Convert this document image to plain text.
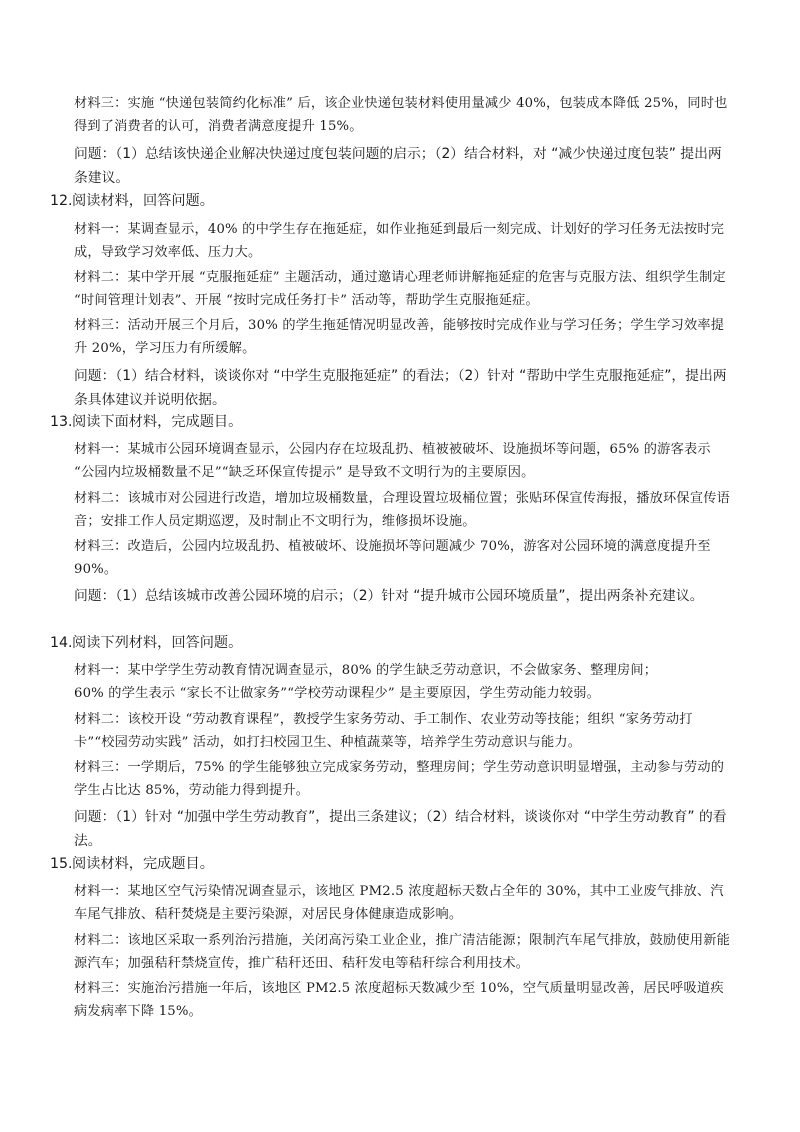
材料三：实施 “快递包装简约化标准” 后，该企业快递包装材料使用量减少 40%，包装成本降低 25%，同时也得到了消费者的认可，消费者满意度提升 15%。

问题：（1）总结该快递企业解决快递过度包装问题的启示；（2）结合材料，对 “减少快递过度包装” 提出两条建议。

12.阅读材料，回答问题。

材料一：某调查显示，40% 的中学生存在拖延症，如作业拖延到最后一刻完成、计划好的学习任务无法按时完成，导致学习效率低、压力大。

材料二：某中学开展 “克服拖延症” 主题活动，通过邀请心理老师讲解拖延症的危害与克服方法、组织学生制定 “时间管理计划表”、开展 “按时完成任务打卡” 活动等，帮助学生克服拖延症。

材料三：活动开展三个月后，30% 的学生拖延情况明显改善，能够按时完成作业与学习任务；学生学习效率提升 20%，学习压力有所缓解。

问题：（1）结合材料，谈谈你对 “中学生克服拖延症” 的看法；（2）针对 “帮助中学生克服拖延症”，提出两条具体建议并说明依据。

13.阅读下面材料，完成题目。

材料一：某城市公园环境调查显示，公园内存在垃圾乱扔、植被被破坏、设施损坏等问题，65% 的游客表示 “公园内垃圾桶数量不足”“缺乏环保宣传提示” 是导致不文明行为的主要原因。

材料二：该城市对公园进行改造，增加垃圾桶数量，合理设置垃圾桶位置；张贴环保宣传海报，播放环保宣传语音；安排工作人员定期巡逻，及时制止不文明行为，维修损坏设施。

材料三：改造后，公园内垃圾乱扔、植被破坏、设施损坏等问题减少 70%，游客对公园环境的满意度提升至 90%。

问题：（1）总结该城市改善公园环境的启示；（2）针对 “提升城市公园环境质量”，提出两条补充建议。

14.阅读下列材料，回答问题。

材料一：某中学学生劳动教育情况调查显示，80% 的学生缺乏劳动意识，不会做家务、整理房间；

60% 的学生表示 “家长不让做家务”“学校劳动课程少” 是主要原因，学生劳动能力较弱。

材料二：该校开设 “劳动教育课程”，教授学生家务劳动、手工制作、农业劳动等技能；组织 “家务劳动打卡”“校园劳动实践” 活动，如打扫校园卫生、种植蔬菜等，培养学生劳动意识与能力。

材料三：一学期后，75% 的学生能够独立完成家务劳动，整理房间；学生劳动意识明显增强，主动参与劳动的学生占比达 85%，劳动能力得到提升。

问题：（1）针对 “加强中学生劳动教育”，提出三条建议；（2）结合材料，谈谈你对 “中学生劳动教育” 的看法。

15.阅读材料，完成题目。

材料一：某地区空气污染情况调查显示，该地区 PM2.5 浓度超标天数占全年的 30%，其中工业废气排放、汽车尾气排放、秸秆焚烧是主要污染源，对居民身体健康造成影响。

材料二：该地区采取一系列治污措施，关闭高污染工业企业，推广清洁能源；限制汽车尾气排放，鼓励使用新能源汽车；加强秸秆禁烧宣传，推广秸秆还田、秸秆发电等秸秆综合利用技术。

材料三：实施治污措施一年后，该地区 PM2.5 浓度超标天数减少至 10%，空气质量明显改善，居民呼吸道疾病发病率下降 15%。
